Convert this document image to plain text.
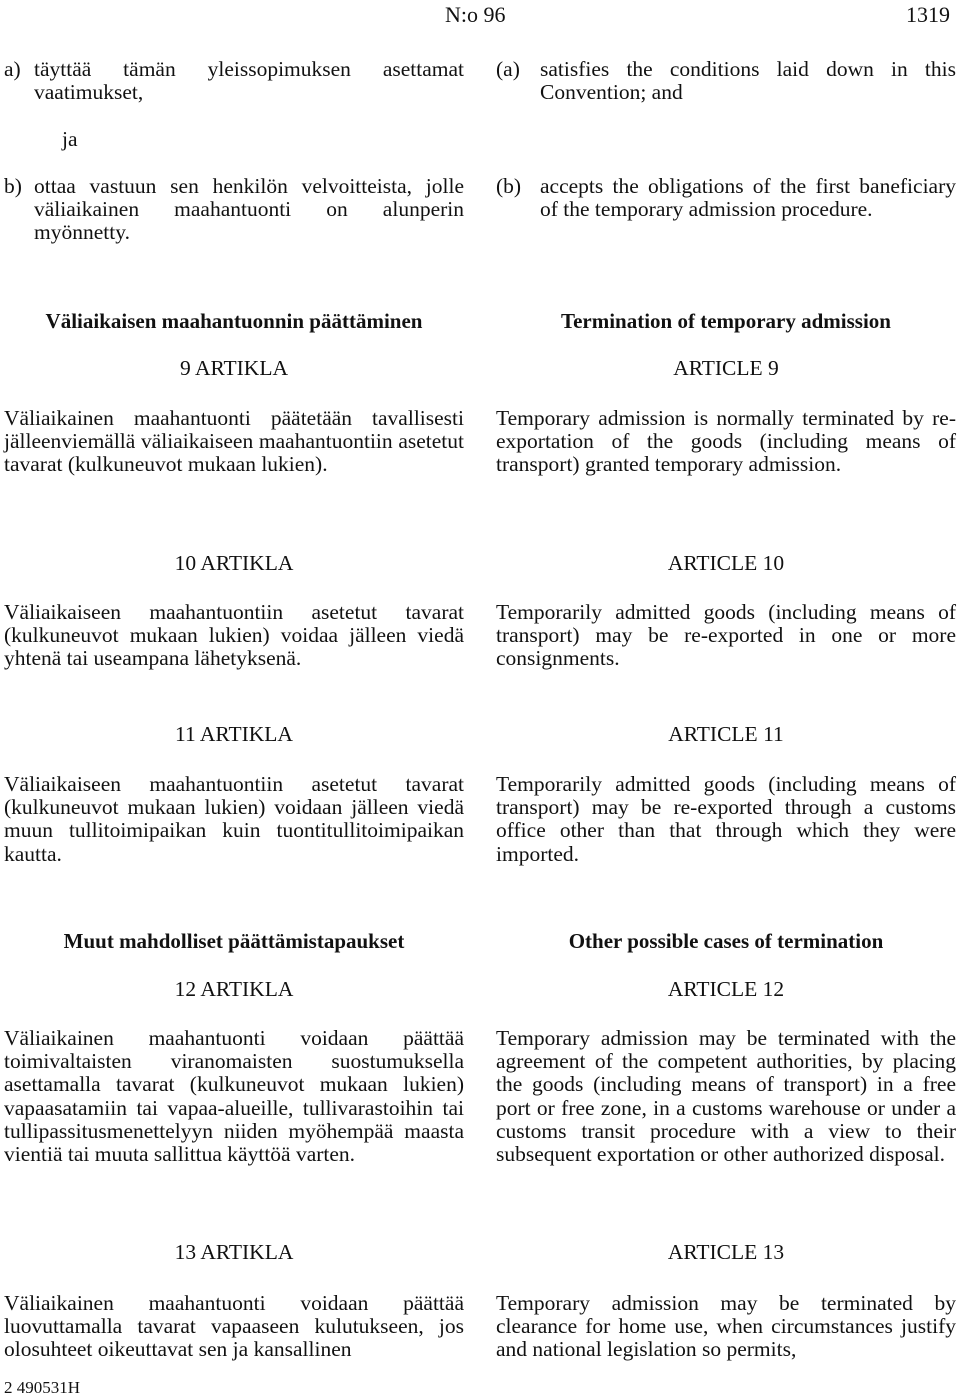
N:o 96	1319
a) täyttää tämän yleissopimuksen asettamat vaatimukset,
ja
b) ottaa vastuun sen henkilön velvoitteista, jolle väliaikainen maahantuonti on alunperin myönnetty.
(a) satisfies the conditions laid down in this Convention; and
(b) accepts the obligations of the first baneficiary of the temporary admission procedure.
Väliaikaisen maahantuonnin päättäminen	Termination of temporary admission
9 ARTIKLA
Väliaikainen maahantuonti päätetään tavallisesti jälleenviemällä väliaikaiseen maahantuontiin asetetut tavarat (kulkuneuvot mukaan lukien).
ARTICLE 9
Temporary admission is normally terminated by re-exportation of the goods (including means of transport) granted temporary admission.
10 ARTIKLA
Väliaikaiseen maahantuontiin asetetut tavarat (kulkuneuvot mukaan lukien) voidaa jälleen viedä yhtenä tai useampana lähetyksenä.
ARTICLE 10
Temporarily admitted goods (including means of transport) may be re-exported in one or more consignments.
11 ARTIKLA
Väliaikaiseen maahantuontiin asetetut tavarat (kulkuneuvot mukaan lukien) voidaan jälleen viedä muun tullitoimipaikan kuin tuontitullitoimipaikan kautta.
ARTICLE 11
Temporarily admitted goods (including means of transport) may be re-exported through a customs office other than that through which they were imported.
Muut mahdolliset päättämistapaukset	Other possible cases of termination
12 ARTIKLA
Väliaikainen maahantuonti voidaan päättää toimivaltaisten viranomaisten suostumuksella asettamalla tavarat (kulkuneuvot mukaan lukien) vapaasatamiin tai vapaa-alueille, tullivarastoihin tai tullipassitusmenettelyyn niiden myöhempää maasta vientiä tai muuta sallittua käyttöä varten.
ARTICLE 12
Temporary admission may be terminated with the agreement of the competent authorities, by placing the goods (including means of transport) in a free port or free zone, in a customs warehouse or under a customs transit procedure with a view to their subsequent exportation or other authorized disposal.
13 ARTIKLA
Väliaikainen maahantuonti voidaan päättää luovuttamalla tavarat vapaaseen kulutukseen, jos olosuhteet oikeuttavat sen ja kansallinen
ARTICLE 13
Temporary admission may be terminated by clearance for home use, when circumstances justify and national legislation so permits,
2 490531H
